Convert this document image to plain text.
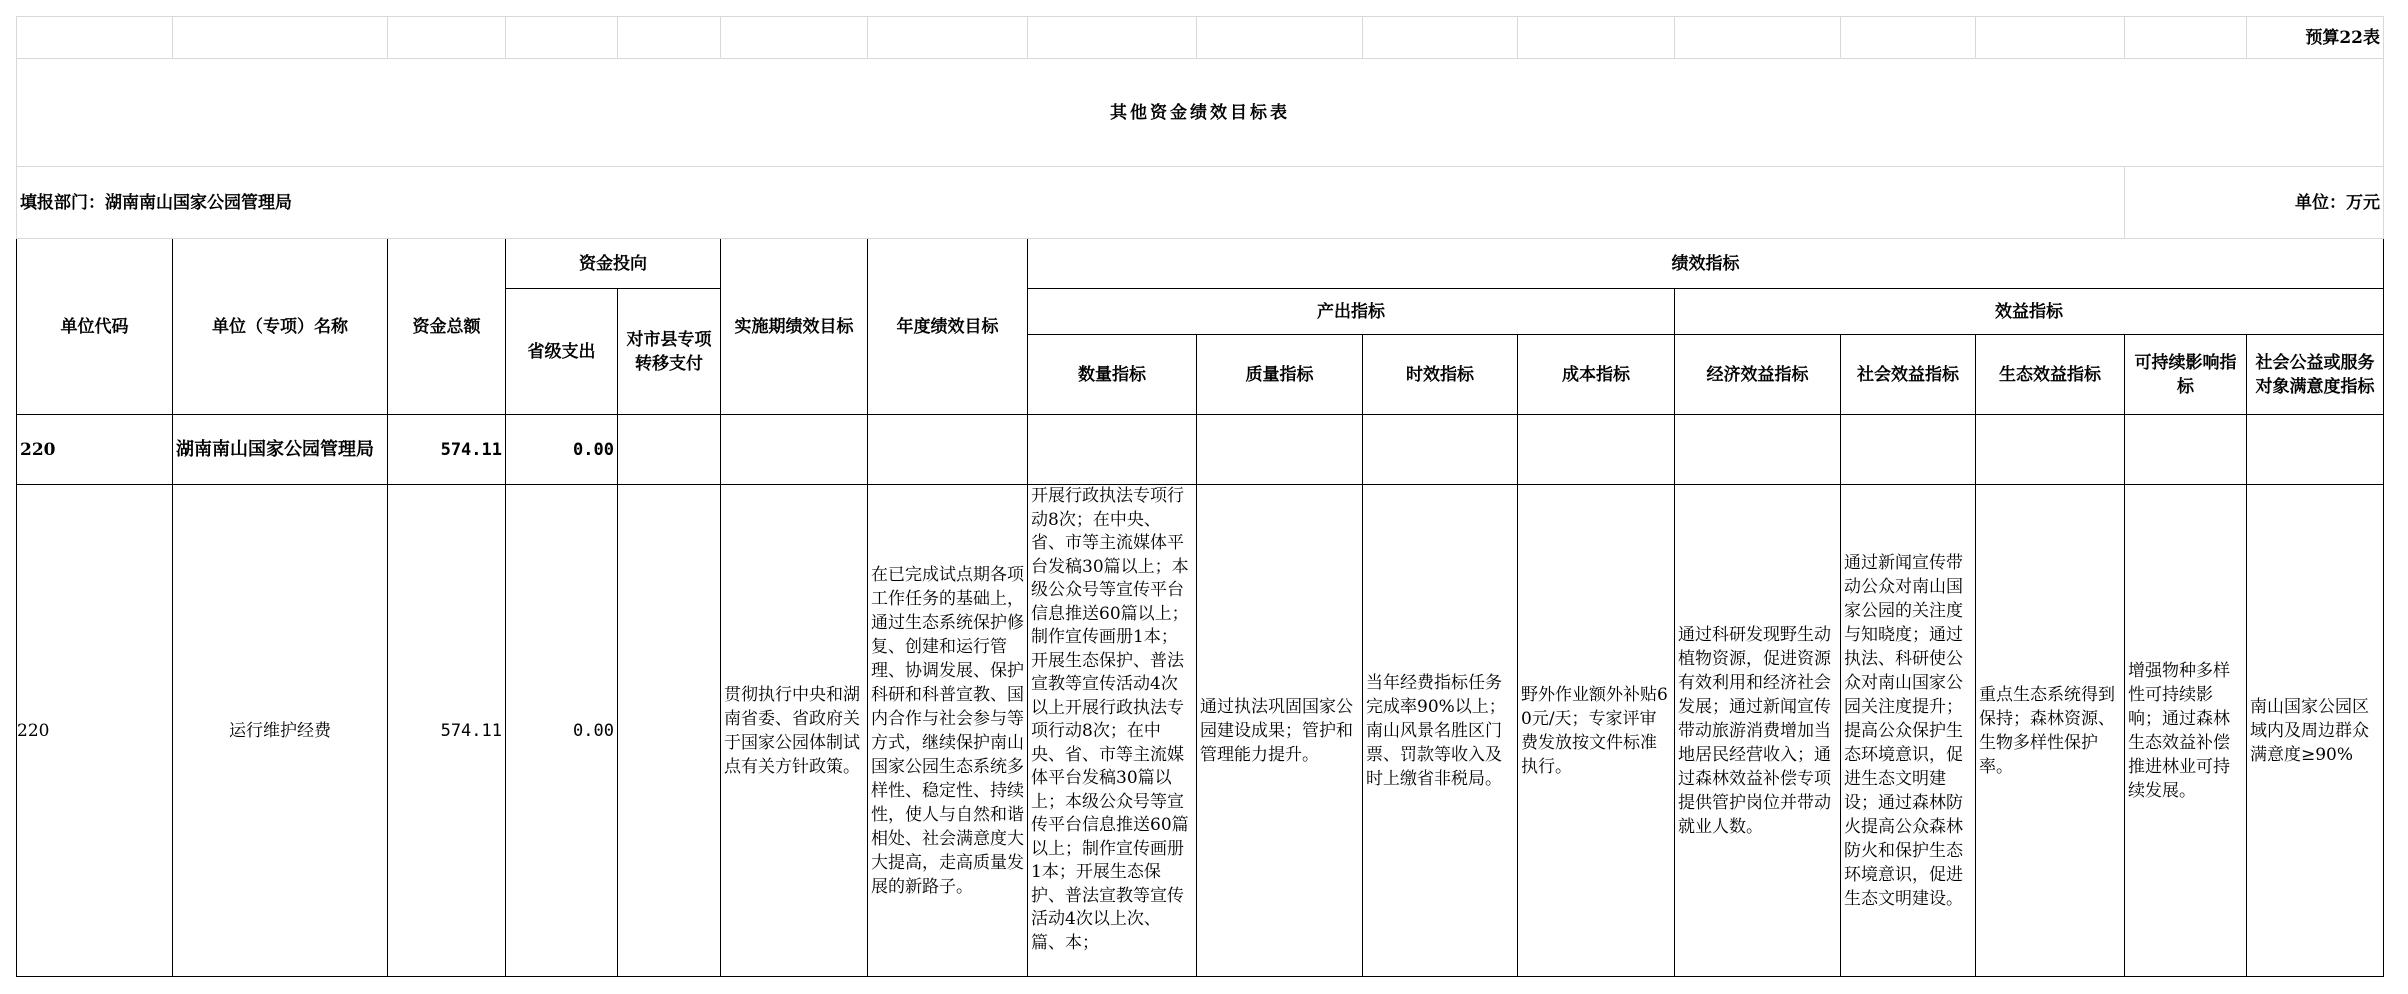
															预算22表
其他资金绩效目标表															
填报部门：湖南南山国家公园管理局														单位：万元	
单位代码	单位（专项）名称	资金总额	资金投向		实施期绩效目标	年度绩效目标	绩效指标								
			省级支出	对市县专项转移支付			产出指标				效益指标				
							数量指标	质量指标	时效指标	成本指标	经济效益指标	社会效益指标	生态效益指标	可持续影响指标	社会公益或服务对象满意度指标
220	湖南南山国家公园管理局	574.11	0.00												
220	运行维护经费	574.11	0.00		贯彻执行中央和湖南省委、省政府关于国家公园体制试点有关方针政策。	在已完成试点期各项工作任务的基础上，通过生态系统保护修复、创建和运行管理、协调发展、保护科研和科普宣教、国内合作与社会参与等方式，继续保护南山国家公园生态系统多样性、稳定性、持续性，使人与自然和谐相处、社会满意度大大提高，走高质量发展的新路子。	开展行政执法专项行动8次；在中央、省、市等主流媒体平台发稿30篇以上；本级公众号等宣传平台信息推送60篇以上；制作宣传画册1本；开展生态保护、普法宣教等宣传活动4次以上开展行政执法专项行动8次；在中央、省、市等主流媒体平台发稿30篇以上；本级公众号等宣传平台信息推送60篇以上；制作宣传画册1本；开展生态保护、普法宣教等宣传活动4次以上次、篇、本；	通过执法巩固国家公园建设成果；管护和管理能力提升。	当年经费指标任务完成率90%以上；南山风景名胜区门票、罚款等收入及时上缴省非税局。	野外作业额外补贴60元/天；专家评审费发放按文件标准执行。	通过科研发现野生动植物资源，促进资源有效利用和经济社会发展；通过新闻宣传带动旅游消费增加当地居民经营收入；通过森林效益补偿专项提供管护岗位并带动就业人数。	通过新闻宣传带动公众对南山国家公园的关注度与知晓度；通过执法、科研使公众对南山国家公园关注度提升；提高公众保护生态环境意识，促进生态文明建设；通过森林防火提高公众森林防火和保护生态环境意识，促进生态文明建设。	重点生态系统得到保持；森林资源、生物多样性保护率。	增强物种多样性可持续影响；通过森林生态效益补偿推进林业可持续发展。	南山国家公园区域内及周边群众满意度≥90%
